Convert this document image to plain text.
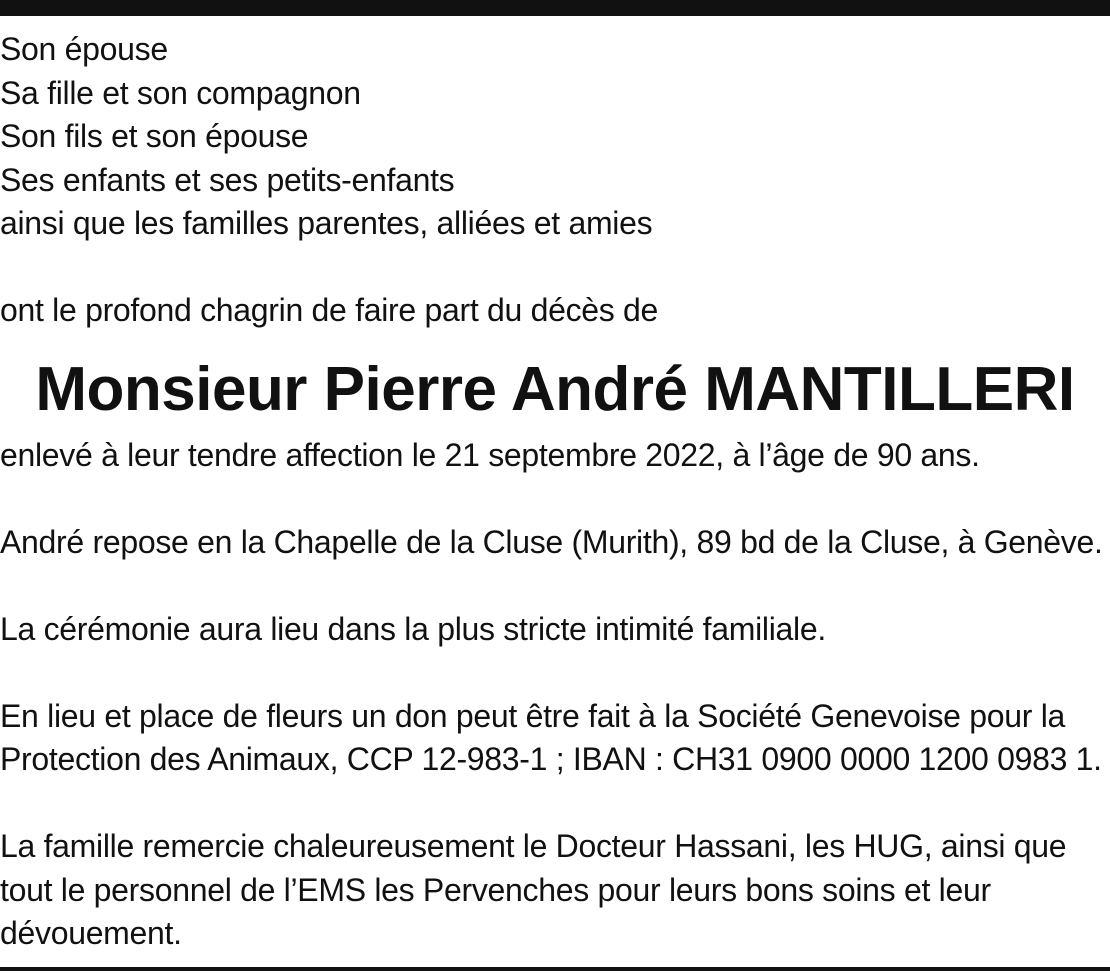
Son épouse
Sa fille et son compagnon
Son fils et son épouse
Ses enfants et ses petits-enfants
ainsi que les familles parentes, alliées et amies
ont le profond chagrin de faire part du décès de
Monsieur Pierre André MANTILLERI
enlevé à leur tendre affection le 21 septembre 2022, à l’âge de 90 ans.
André repose en la Chapelle de la Cluse (Murith), 89 bd de la Cluse, à Genève.
La cérémonie aura lieu dans la plus stricte intimité familiale.
En lieu et place de fleurs un don peut être fait à la Société Genevoise pour la
Protection des Animaux, CCP 12-983-1 ; IBAN : CH31 0900 0000 1200 0983 1.
La famille remercie chaleureusement le Docteur Hassani, les HUG, ainsi que
tout le personnel de l’EMS les Pervenches pour leurs bons soins et leur
dévouement.
